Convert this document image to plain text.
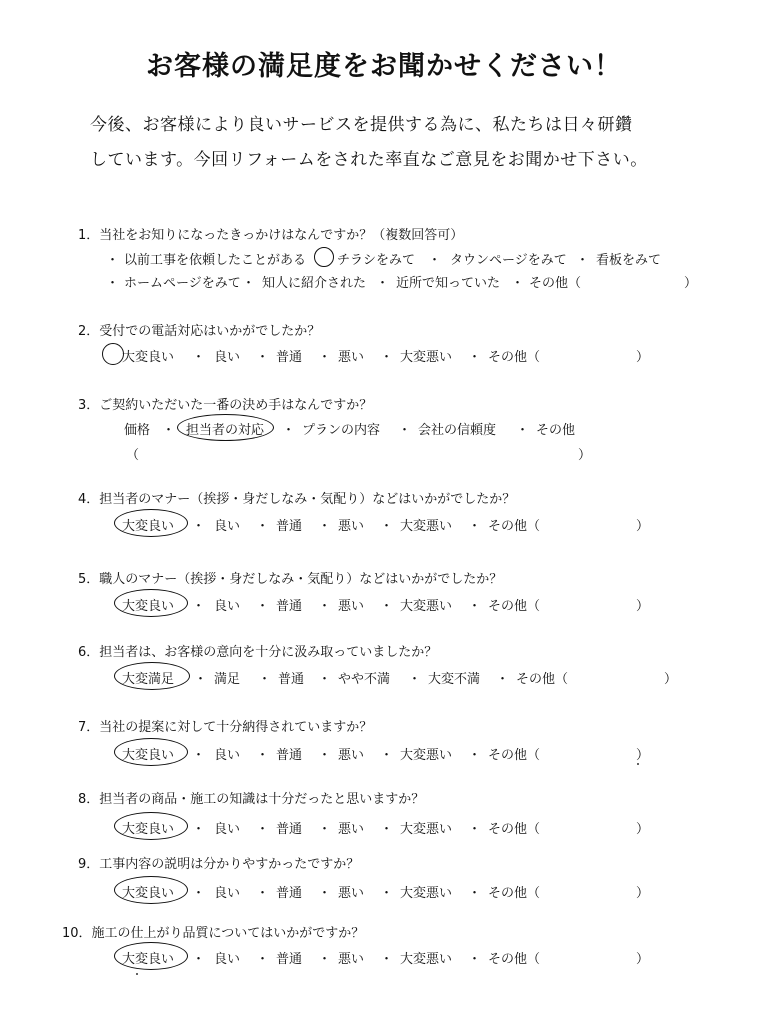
お客様の満足度をお聞かせください！
今後、お客様により良いサービスを提供する為に、私たちは日々研鑽
しています。今回リフォームをされた率直なご意見をお聞かせ下さい。
1．当社をお知りになったきっかけはなんですか？（複数回答可）
・ 以前工事を依頼したことがある チラシをみて ・ タウンページをみて ・ 看板をみて
・ ホームページをみて ・ 知人に紹介された ・ 近所で知っていた ・ その他（	）
2．受付での電話対応はいかがでしたか？
大変良い ・ 良い ・ 普通 ・ 悪い ・ 大変悪い ・ その他（	）
3．ご契約いただいた一番の決め手はなんですか？
価格 ・ 担当者の対応 ・ プランの内容 ・ 会社の信頼度 ・ その他
（	）
4．担当者のマナー（挨拶・身だしなみ・気配り）などはいかがでしたか？
大変良い ・ 良い ・ 普通 ・ 悪い ・ 大変悪い ・ その他（	）
5．職人のマナー（挨拶・身だしなみ・気配り）などはいかがでしたか？
大変良い ・ 良い ・ 普通 ・ 悪い ・ 大変悪い ・ その他（	）
6．担当者は、お客様の意向を十分に汲み取っていましたか？
大変満足 ・ 満足 ・ 普通 ・ やや不満 ・ 大変不満 ・ その他（	）
7．当社の提案に対して十分納得されていますか？
大変良い ・ 良い ・ 普通 ・ 悪い ・ 大変悪い ・ その他（	）
8．担当者の商品・施工の知識は十分だったと思いますか？
大変良い ・ 良い ・ 普通 ・ 悪い ・ 大変悪い ・ その他（	）
9．工事内容の説明は分かりやすかったですか？
大変良い ・ 良い ・ 普通 ・ 悪い ・ 大変悪い ・ その他（	）
10．施工の仕上がり品質についてはいかがですか？
大変良い ・ 良い ・ 普通 ・ 悪い ・ 大変悪い ・ その他（	）
